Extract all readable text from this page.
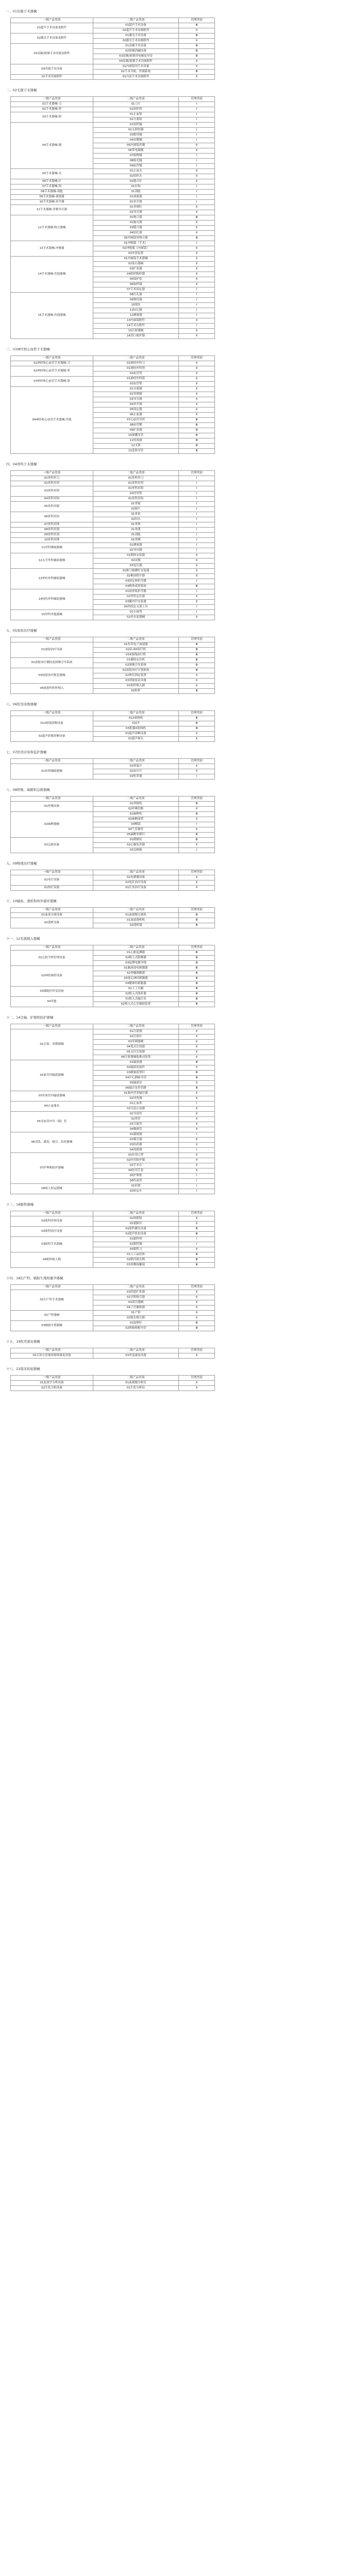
一、01有源手术器械
一级产品类别	二级产品类别	管理类别
01超声手术设备及附件	01超声手术设备	Ⅲ
	02超声手术设备附件	Ⅱ
02激光手术设备及附件	01激光手术设备	Ⅲ
	02激光手术设备附件	Ⅱ
03高频/射频手术设备及附件	01高频手术设备	Ⅲ
	02射频消融设备	Ⅲ
	03高频/射频用电极及导管	Ⅲ
	04高频/射频手术设备附件	Ⅱ
09其他手术设备	01内窥镜用手术设备	Ⅱ
	02手术导航、控制系统	Ⅲ
10手术设备附件	01冷冻手术设备附件	Ⅱ
二、02无源手术器械
一级产品类别	二级产品类别	管理类别
01手术器械-刀	01刀片	Ⅰ
02手术器械-剪	01组织剪	Ⅰ
03手术器械-钳	01止血钳	Ⅰ
	02分离钳	Ⅰ
04手术器械-镊	01组织镊	Ⅰ
	02无损伤镊	Ⅰ
	03眼用镊	Ⅰ
	04显微镊	Ⅰ
	05内窥镜用镊	Ⅱ
	06带电凝镊	Ⅱ
	07取物镊	Ⅰ
	08拔毛镊	Ⅰ
	09血管镊	Ⅰ
05手术器械-夹	01止血夹	Ⅱ
	02组织夹	Ⅱ
06手术器械-针	01缝合针	Ⅱ
07手术器械-钩	01拉钩	Ⅰ
08手术器械-刮匙	01刮匙	Ⅰ
09手术器械-剥离器	01剥离器	Ⅰ
10手术器械-牵开器	01牵开器	Ⅰ
11手术器械-穿刺导引器	01穿刺针	Ⅱ
	02导引器	Ⅱ
12手术器械-吻合器械	01吻合器	Ⅲ
	02施夹器	Ⅱ
	03缝合器	Ⅱ
	04结扎器	Ⅱ
	05内窥镜用吻合器	Ⅲ
13手术器械-冲吸器	01冲吸器（手术）	Ⅰ
	02冲吸器（内窥镜）	Ⅱ
	03冲洗装置	Ⅱ
14手术器械-其他器械	01内窥镜手术器械	Ⅱ
	02取石器械	Ⅱ
	03扩张器	Ⅱ
	04组织粉碎器	Ⅱ
	05保护套	Ⅱ
	06取样器	Ⅱ
	07手术固定器	Ⅰ
15手术器械-其他器械	08打孔器	Ⅰ
	09推结器	Ⅰ
	10探针	Ⅰ
	11标记器	Ⅰ
	12测量器	Ⅰ
	13内窥镜附件	Ⅱ
	14手术台附件	Ⅰ
	15注射器械	Ⅱ
	16切口保护器	Ⅱ
三、03神经和心血管手术器械
一级产品类别	二级产品类别	管理类别
01神经和心血管手术器械-刀	01神经外科刀	Ⅱ
02神经和心血管手术器械-剪	01神经外科剪	Ⅱ
	02血管剪	Ⅱ
03神经和心血管手术器械-钳	01神经外科钳	Ⅱ
	02血管钳	Ⅱ
04神经和心血管手术器械-其他	01分离器	Ⅱ
	02穿刺器	Ⅱ
	03导引器	Ⅱ
	04牵开器	Ⅱ
	05固定器	Ⅱ
	06止血器	Ⅱ
	07心血管导丝	Ⅲ
	08血管鞘	Ⅲ
	09扩张器	Ⅲ
	10球囊导管	Ⅲ
	11栓塞器	Ⅲ
	12支架	Ⅲ
	13造影导管	Ⅲ
四、04骨科手术器械
一级产品类别	二级产品类别	管理类别
01骨科用刀	01骨科用刀	Ⅰ
02骨科用剪	01骨科用剪	Ⅰ
03骨科用钳	01骨科用钳	Ⅰ
	02持骨钳	Ⅰ
04骨科用钩	01骨科用钩	Ⅰ
05骨科用锯	01骨锯	Ⅰ
	02锯片	Ⅰ
06骨科用钻	01骨钻	Ⅰ
	02钻头	Ⅰ
07骨科用锉	01骨锉	Ⅰ
08骨科用凿	01骨凿	Ⅰ
09骨科用刮	01刮匙	Ⅰ
10骨科用锤	01骨锤	Ⅰ
11骨科测量器械	01测量器	Ⅰ
	02导向器	Ⅰ
12关节外科辅助器械	01假体安装器	Ⅱ
	02试模	Ⅱ
	03复位器	Ⅱ
13脊柱外科辅助器械	01椎弓根螺钉安装器	Ⅱ
	02椎间撑开器	Ⅱ
	03固定棒折弯器	Ⅰ
	04椎体成形系统	Ⅲ
14创伤外科辅助器械	01接骨板折弯器	Ⅰ
	02骨科定位器	Ⅱ
	03髓内针安装器	Ⅱ
	04外固定支架工具	Ⅰ
15骨科其他器械	01石膏剪	Ⅰ
	02骨水泥器械	Ⅱ
五、05放射治疗器械
一级产品类别	二级产品类别	管理类别
01放射治疗设备	01医用电子加速器	Ⅲ
	02钴-60治疗机	Ⅲ
	03X射线治疗机	Ⅲ
02放射治疗模拟及图像引导系统	01模拟定位机	Ⅲ
	02图像引导系统	Ⅲ
03放射治疗配套器械	01放射治疗计划系统	Ⅲ
	02体位固定装置	Ⅱ
	03剂量验证设备	Ⅱ
04放射性粒籽植入	01粒籽植入器	Ⅱ
	02粒籽	Ⅲ
六、06医用成像器械
一级产品类别	二级产品类别	管理类别
01X射线诊断设备	01X射线机	Ⅲ
	02CT	Ⅲ
	03乳腺X射线机	Ⅲ
02超声影像诊断设备	01超声诊断设备	Ⅱ
	02超声探头	Ⅱ
七、07医用诊察和监护器械
一级产品类别	二级产品类别	管理类别
01诊察辅助器械	01体温计	Ⅱ
	02血压计	Ⅱ
	03听诊器	Ⅰ
八、08呼吸、麻醉和急救器械
一级产品类别	二级产品类别	管理类别
01呼吸设备	01呼吸机	Ⅲ
	02呼吸管路	Ⅱ
02麻醉器械	01麻醉机	Ⅲ
	02麻醉面罩	Ⅱ
	03喉镜	Ⅰ
	04气管插管	Ⅱ
	05麻醉穿刺针	Ⅲ
03急救设备	01除颤仪	Ⅲ
	02心肺复苏器	Ⅱ
	03急救箱	Ⅰ
九、09物理治疗器械
一级产品类别	二级产品类别	管理类别
01电疗设备	01电刺激设备	Ⅱ
	02电针治疗设备	Ⅱ
02热疗设备	01红外治疗设备	Ⅱ
十、10输血、透析和体外循环器械
一级产品类别	二级产品类别	管理类别
01血液分离设备	01血细胞分离机	Ⅲ
02透析设备	01血液透析机	Ⅲ
	02透析器	Ⅲ
十一、12有源植入器械
一级产品类别	二级产品类别	管理类别
01心脏节律管理设备	01心脏起搏器	Ⅲ
	02植入式除颤器	Ⅲ
	03起搏电极导线	Ⅲ
02神经调控设备	01脑深部电刺激器	Ⅲ
	02脊髓刺激器	Ⅲ
	03迷走神经刺激器	Ⅲ
	04骶神经刺激器	Ⅲ
03辅助位听觉设备	01人工耳蜗	Ⅲ
	02植入式助听器	Ⅲ
04其他	01植入式输注泵	Ⅲ
	02植入式心室辅助装置	Ⅲ
十二、14注输、护理和防护器械
一级产品类别	二级产品类别	管理类别
01注射、穿刺器械	01注射器	Ⅱ
	02注射针	Ⅱ
	03穿刺器械	Ⅱ
	04笔式注射器	Ⅱ
	05无针注射器	Ⅱ
	06注射器辅助推动装置	Ⅱ
02血管内输液器械	01输液器	Ⅲ
	02输液连接件	Ⅱ
	03静脉留置针	Ⅲ
	04中心静脉导管	Ⅲ
	05输液泵	Ⅱ
	06输注泵用管路	Ⅲ
03非血管内输液器械	01肠内营养输注器	Ⅱ
	02冲洗器	Ⅱ
04止血器具	01止血带	Ⅰ
	02压迫止血器	Ⅱ
05非血管内导（插）管	01导尿管	Ⅱ
	02胃管	Ⅱ
	03引流管	Ⅱ
	04吸痰管	Ⅱ
06清洗、灌洗、吸引、给药器械	01灌肠器	Ⅰ
	02吸引器	Ⅱ
	03给药器	Ⅱ
	04洗眼器	Ⅰ
07护理和防护器械	01医用口罩	Ⅱ
	02医用防护服	Ⅱ
	03手术衣	Ⅱ
	04医用手套	Ⅱ
	05护理垫	Ⅰ
	06约束带	Ⅰ
08病人转运器械	01担架	Ⅰ
	02转运车	Ⅰ
十三、16眼科器械
一级产品类别	二级产品类别	管理类别
01眼科诊察设备	01检眼镜	Ⅱ
	02裂隙灯	Ⅱ
02眼科治疗设备	01眼科激光设备	Ⅲ
	02超声乳化设备	Ⅲ
03眼科手术器械	01眼科剪	Ⅰ
	02眼科镊	Ⅰ
	03眼科刀	Ⅱ
04眼科植入物	01人工晶状体	Ⅲ
	02眼内填充物	Ⅲ
	03角膜接触镜	Ⅲ
十四、18妇产科、辅助生殖和避孕器械
一级产品类别	二级产品类别	管理类别
01妇产科手术器械	01阴道扩张器	Ⅱ
	02宫腔吸引器	Ⅱ
	03刮宫器械	Ⅱ
	04子宫操纵器	Ⅱ
02产科器械	01产钳	Ⅱ
	02胎头吸引器	Ⅱ
03辅助生殖器械	01取卵针	Ⅲ
	02胚胎移植导管	Ⅲ
十五、19医用康复器械
一级产品类别	二级产品类别	管理类别
01认知言语视听障碍康复设备	01听觉康复设备	Ⅱ
十六、22临床检验器械
一级产品类别	二级产品类别	管理类别
01血液学分析设备	01血细胞分析仪	Ⅱ
02生化分析设备	01生化分析仪	Ⅱ
